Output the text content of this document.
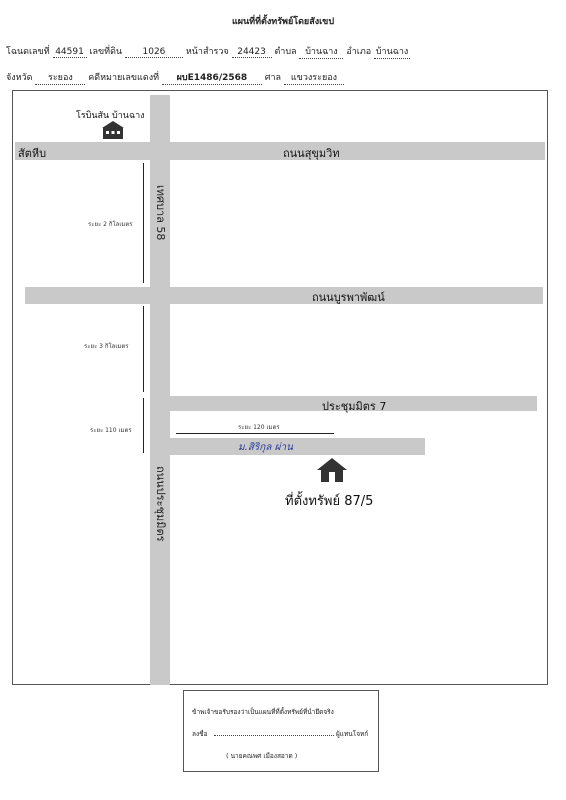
แผนที่ที่ตั้งทรัพย์โดยสังเขป
โฉนดเลขที่ 44591 เลขที่ดิน 1026 หน้าสำรวจ 24423 ตำบล บ้านฉาง อำเภอ บ้านฉาง
จังหวัด ระยอง คดีหมายเลขแดงที่ ผบE1486/2568 ศาล แขวงระยอง
โรบินสัน บ้านฉาง
สัตหีบ	ถนนสุขุมวิท
เทศบาล 58
ถนนบูรพาพัฒน์
ประชุมมิตร 7
ถนนประชุมมิตร
ม.สิริกุล ผ่าน
ระยะ 2 กิโลเมตร
ระยะ 3 กิโลเมตร
ระยะ 110 เมตร	ระยะ 120 เมตร
ที่ตั้งทรัพย์ 87/5
ข้าพเจ้าขอรับรองว่าเป็นแผนที่ที่ตั้งทรัพย์ที่นำยึดจริง
ลงชื่อ	ผู้แทนโจทก์
( นายคณพศ เมืองสอาด )
